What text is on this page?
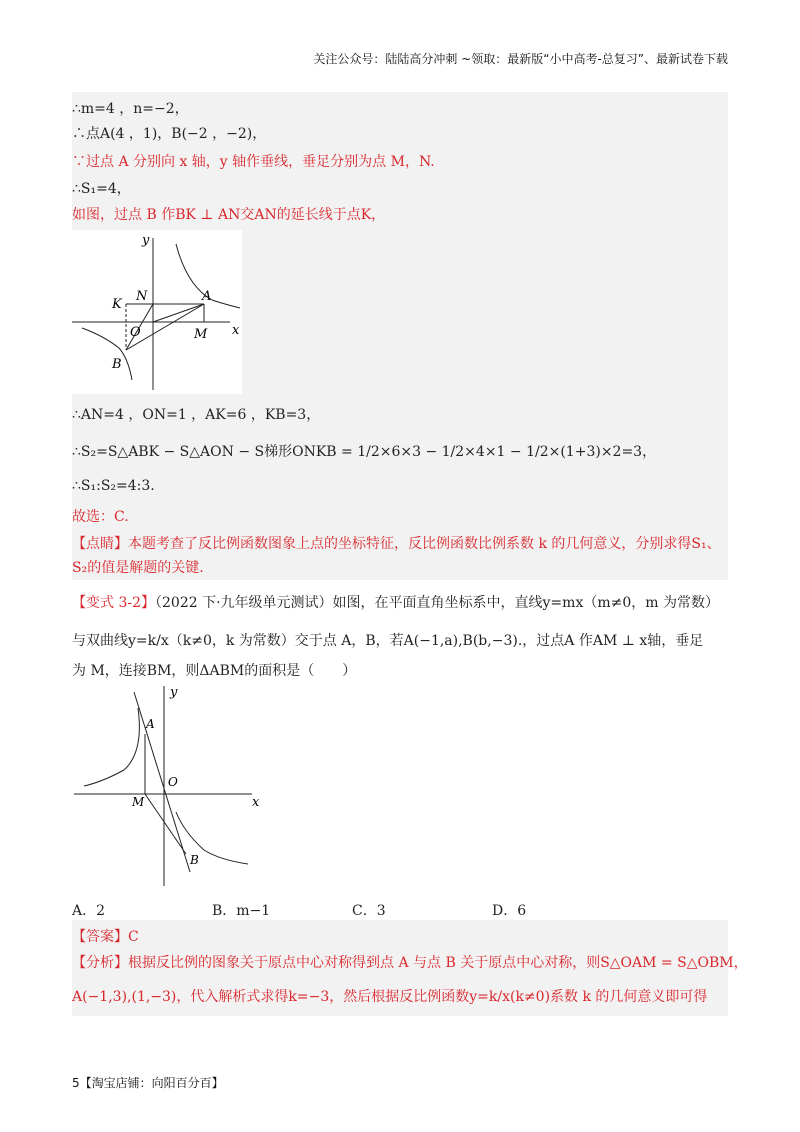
关注公众号：陆陆高分冲刺 ~领取：最新版“小中高考-总复习”、最新试卷下载
∴m=4 ，n=−2，
∴点A(4 ，1)，B(−2 ，−2)，
∵过点 A 分别向 x 轴，y 轴作垂线，垂足分别为点 M，N.
∴S₁=4，
如图，过点 B 作BK ⊥ AN交AN的延长线于点K，
y
x
K
N	A
O	M
B
∴AN=4 ，ON=1 ，AK=6 ，KB=3，
∴S₂=S△ABK − S△AON − S梯形ONKB = 1/2×6×3 − 1/2×4×1 − 1/2×(1+3)×2=3，
∴S₁:S₂=4:3.
故选：C.
【点睛】本题考查了反比例函数图象上点的坐标特征，反比例函数比例系数 k 的几何意义，分别求得S₁、
S₂的值是解题的关键.
【变式 3-2】（2022 下·九年级单元测试）如图，在平面直角坐标系中，直线y=mx（m≠0，m 为常数）
与双曲线y=k/x（k≠0，k 为常数）交于点 A，B，若A(−1,a),B(b,−3).，过点A 作AM ⊥ x轴，垂足
为 M，连接BM，则ΔABM的面积是（　　）
y
A
O
M	x
B
A．2	B．m−1	C．3	D．6
【答案】C
【分析】根据反比例的图象关于原点中心对称得到点 A 与点 B 关于原点中心对称，则S△OAM = S△OBM，
A(−1,3),(1,−3)，代入解析式求得k=−3，然后根据反比例函数y=k/x(k≠0)系数 k 的几何意义即可得
5【淘宝店铺：向阳百分百】
